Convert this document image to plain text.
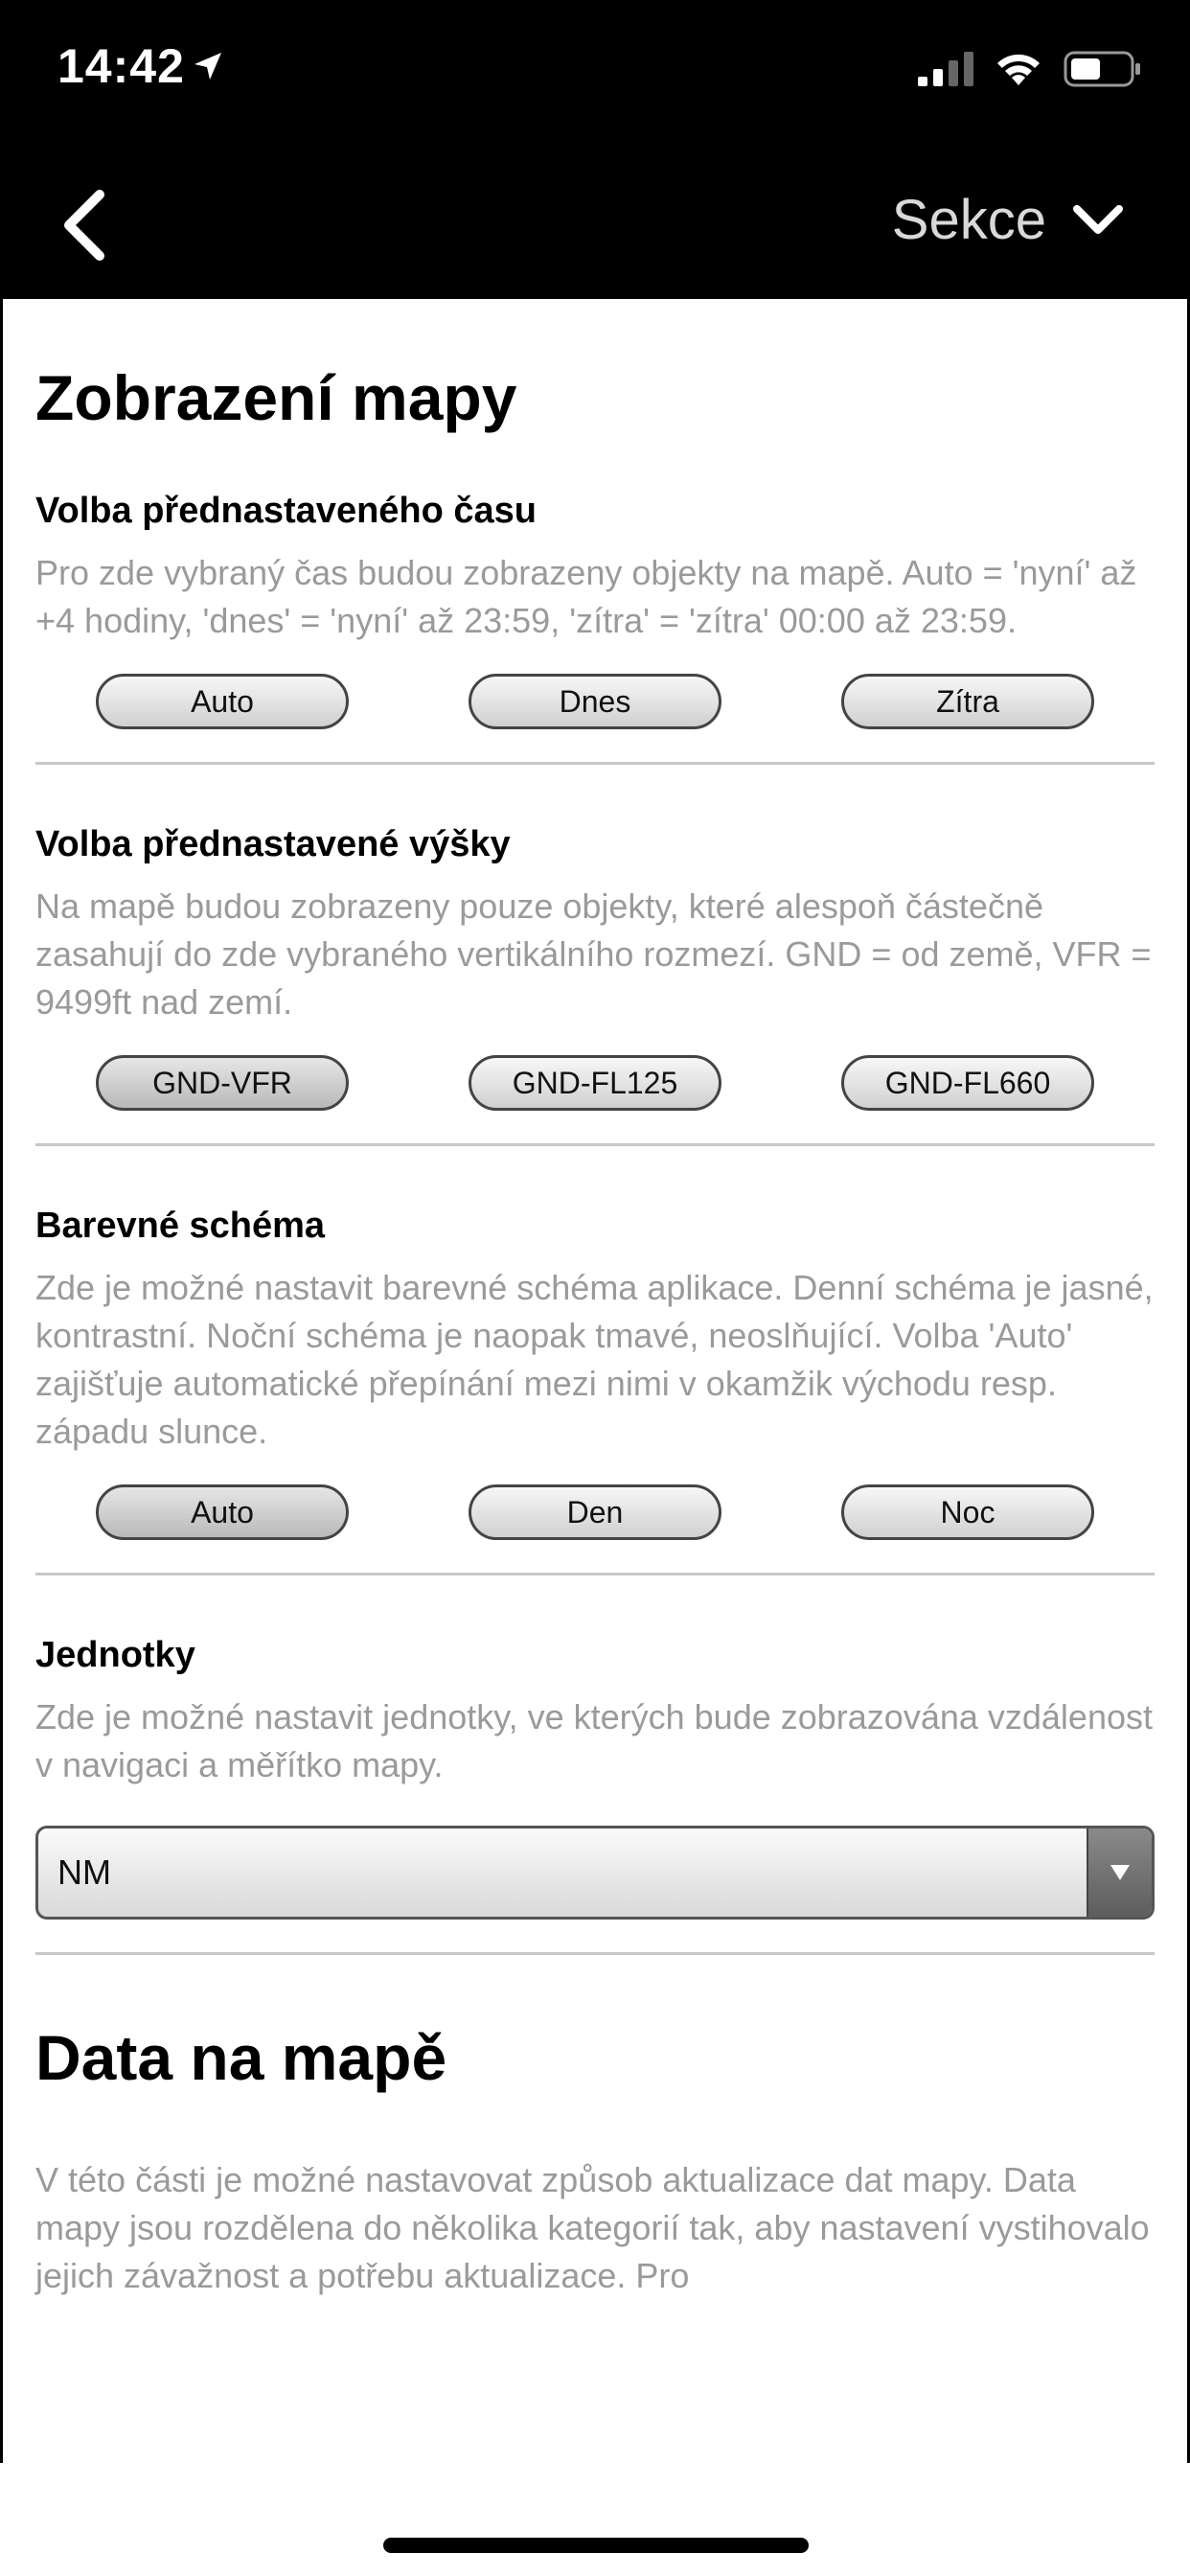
14:42
Sekce
Zobrazení mapy

Volba přednastaveného času

Pro zde vybraný čas budou zobrazeny objekty na mapě. Auto = 'nyní' až +4 hodiny, 'dnes' = 'nyní' až 23:59, 'zítra' = 'zítra' 00:00 až 23:59.

Auto	Dnes	Zítra

Volba přednastavené výšky

Na mapě budou zobrazeny pouze objekty, které alespoň částečně zasahují do zde vybraného vertikálního rozmezí. GND = od země, VFR = 9499ft nad zemí.

GND-VFR	GND-FL125	GND-FL660

Barevné schéma

Zde je možné nastavit barevné schéma aplikace. Denní schéma je jasné, kontrastní. Noční schéma je naopak tmavé, neoslňující. Volba 'Auto' zajišťuje automatické přepínání mezi nimi v okamžik východu resp. západu slunce.

Auto	Den	Noc

Jednotky

Zde je možné nastavit jednotky, ve kterých bude zobrazována vzdálenost v navigaci a měřítko mapy.

NM
Data na mapě

V této části je možné nastavovat způsob aktualizace dat mapy. Data mapy jsou rozdělena do několika kategorií tak, aby nastavení vystihovalo jejich závažnost a potřebu aktualizace. Pro
